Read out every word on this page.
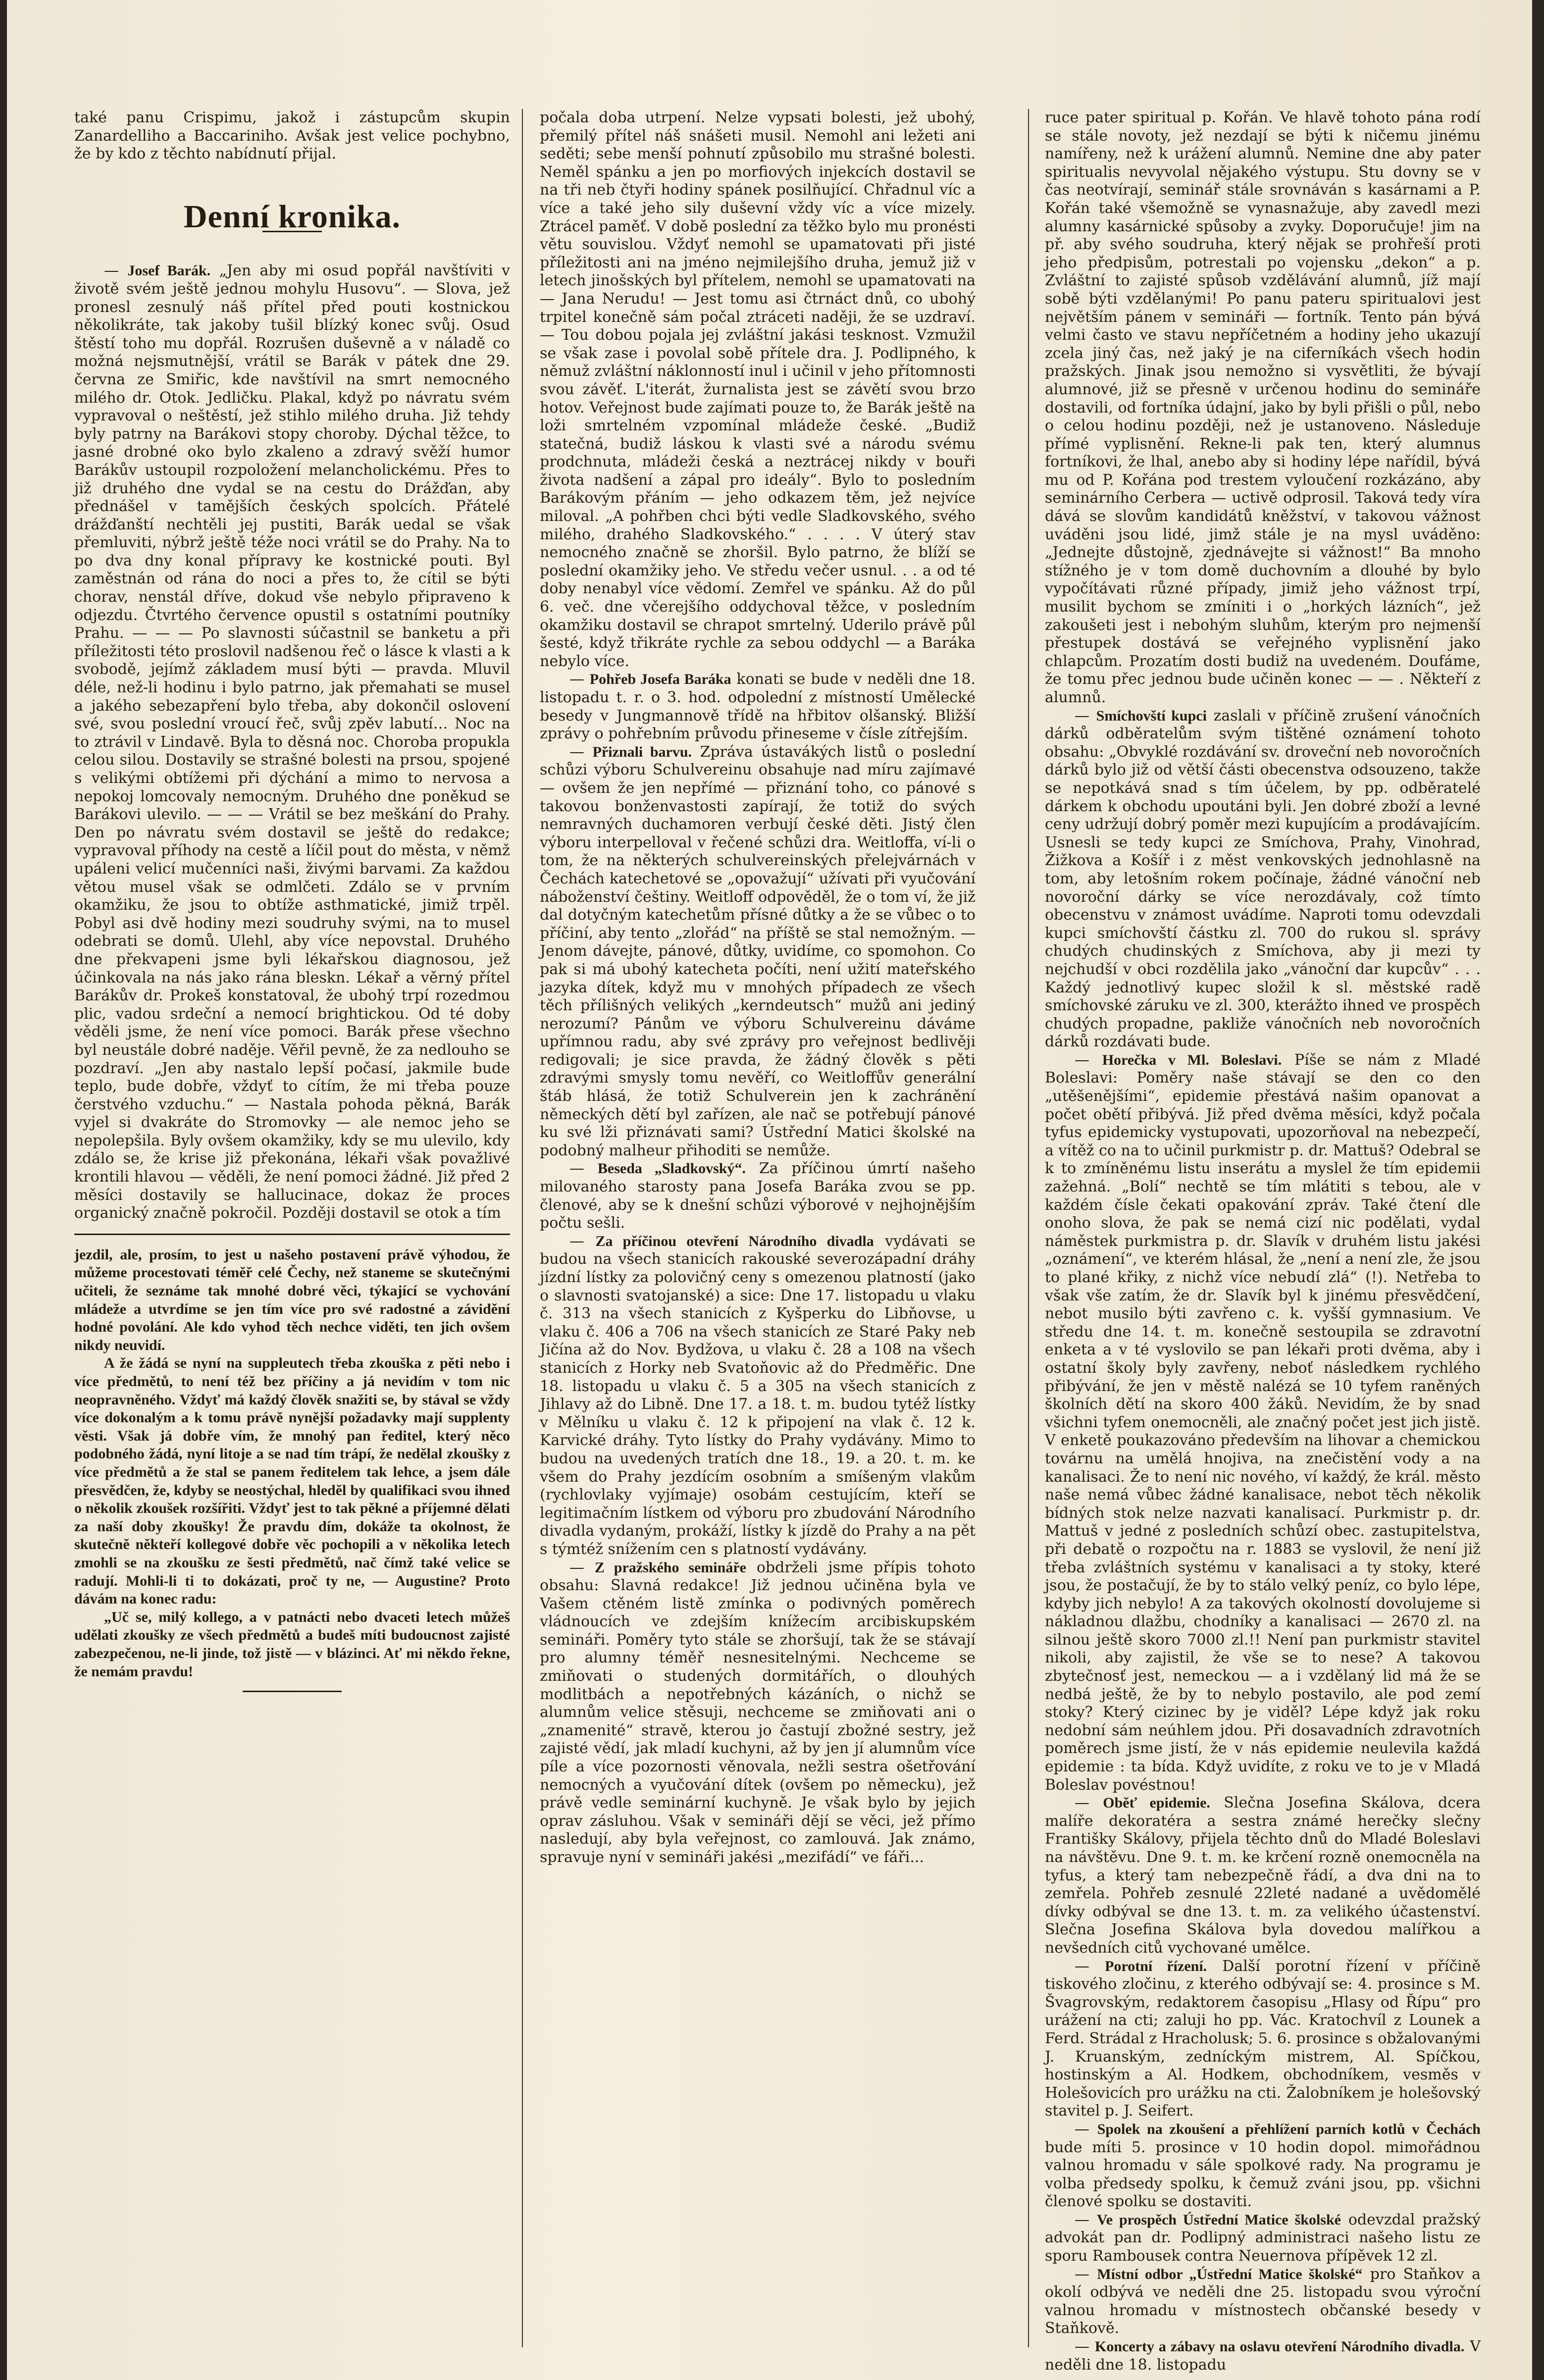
také panu Crispimu, jakož i zástupcům skupin Zanardelliho a Baccariniho. Avšak jest velice pochybno, že by kdo z těchto nabídnutí přijal.

Denní kronika.

— Josef Barák. „Jen aby mi osud popřál navštíviti v životě svém ještě jednou mohylu Husovu“. — Slova, jež pronesl zesnulý náš přítel před pouti kostnickou několikráte, tak jakoby tušil blízký konec svůj. Osud štěstí toho mu dopřál. Rozrušen duševně a v náladě co možná nejsmutnější, vrátil se Barák v pátek dne 29. června ze Smiřic, kde navštívil na smrt nemocného milého dr. Otok. Jedličku. Plakal, když po návratu svém vypravoval o neštěstí, jež stihlo milého druha. Již tehdy byly patrny na Barákovi stopy choroby. Dýchal těžce, to jasné drobné oko bylo zkaleno a zdravý svěží humor Barákův ustoupil rozpoložení melancholickému. Přes to již druhého dne vydal se na cestu do Drážďan, aby přednášel v tamějších českých spolcích. Přátelé drážďanští nechtěli jej pustiti, Barák uedal se však přemluviti, nýbrž ještě téže noci vrátil se do Prahy. Na to po dva dny konal přípravy ke kostnické pouti. Byl zaměstnán od rána do noci a přes to, že cítil se býti chorav, nenstál dříve, dokud vše nebylo připraveno k odjezdu. Čtvrtého července opustil s ostatními poutníky Prahu. — — — Po slavnosti súčastnil se banketu a při příležitosti této proslovil nadšenou řeč o lásce k vlasti a k svobodě, jejímž základem musí býti — pravda. Mluvil déle, než-li hodinu i bylo patrno, jak přemahati se musel a jakého sebezapření bylo třeba, aby dokončil oslovení své, svou poslední vroucí řeč, svůj zpěv labutí… Noc na to ztrávil v Lindavě. Byla to děsná noc. Choroba propukla celou silou. Dostavily se strašné bolesti na prsou, spojené s velikými obtížemi při dýchání a mimo to nervosa a nepokoj lomcovaly nemocným. Druhého dne poněkud se Barákovi ulevilo. — — — Vrátil se bez meškání do Prahy. Den po návratu svém dostavil se ještě do redakce; vypravoval příhody na cestě a líčil pout do města, v němž upáleni velicí mučenníci naši, živými barvami. Za každou větou musel však se odmlčeti. Zdálo se v prvním okamžiku, že jsou to obtíže asthmatické, jimiž trpěl. Pobyl asi dvě hodiny mezi soudruhy svými, na to musel odebrati se domů. Ulehl, aby více nepovstal. Druhého dne překvapeni jsme byli lékařskou diagnosou, jež účinkovala na nás jako rána bleskn. Lékař a věrný přítel Barákův dr. Prokeš konstatoval, že ubohý trpí rozedmou plic, vadou srdeční a nemocí brightickou. Od té doby věděli jsme, že není více pomoci. Barák přese všechno byl neustále dobré naděje. Věřil pevně, že za nedlouho se pozdraví. „Jen aby nastalo lepší počasí, jakmile bude teplo, bude dobře, vždyť to cítím, že mi třeba pouze čerstvého vzduchu.“ — Nastala pohoda pěkná, Barák vyjel si dvakráte do Stromovky — ale nemoc jeho se nepolepšila. Byly ovšem okamžiky, kdy se mu ulevilo, kdy zdálo se, že krise již překonána, lékaři však považlivé krontili hlavou — věděli, že není pomoci žádné. Již před 2 měsíci dostavily se hallucinace, dokaz že proces organický značně pokročil. Později dostavil se otok a tím

jezdil, ale, prosím, to jest u našeho postavení právě výhodou, že můžeme procestovati téměř celé Čechy, než staneme se skutečnými učiteli, že seznáme tak mnohé dobré věci, týkající se vychování mládeže a utvrdíme se jen tím více pro své radostné a závidění hodné povolání. Ale kdo vyhod těch nechce viděti, ten jich ovšem nikdy neuvidí.

A že žádá se nyní na suppleutech třeba zkouška z pěti nebo i více předmětů, to není též bez příčiny a já nevidím v tom nic neopravněného. Vždyť má každý člověk snažiti se, by stával se vždy více dokonalým a k tomu právě nynější požadavky mají supplenty věsti. Však já dobře vím, že mnohý pan ředitel, který něco podobného žádá, nyní litoje a se nad tím trápí, že nedělal zkoušky z více předmětů a že stal se panem ředitelem tak lehce, a jsem dále přesvědčen, že, kdyby se neostýchal, hleděl by qualifikaci svou ihned o několik zkoušek rozšířiti. Vždyť jest to tak pěkné a příjemné dělati za naší doby zkoušky! Že pravdu dím, dokáže ta okolnost, že skutečně někteří kollegové dobře věc pochopili a v několika letech zmohli se na zkoušku ze šesti předmětů, nač čímž také velice se radují. Mohli-li ti to dokázati, proč ty ne, — Augustine? Proto dávám na konec radu:

„Uč se, milý kollego, a v patnácti nebo dvaceti letech můžeš udělati zkoušky ze všech předmětů a budeš míti budoucnost zajisté zabezpečenou, ne-li jinde, tož jistě — v blázinci. Ať mi někdo řekne, že nemám pravdu!

počala doba utrpení. Nelze vypsati bolesti, jež ubohý, přemilý přítel náš snášeti musil. Nemohl ani ležeti ani seděti; sebe menší pohnutí způsobilo mu strašné bolesti. Neměl spánku a jen po morfiových injekcích dostavil se na tři neb čtyři hodiny spánek posilňující. Chřadnul víc a více a také jeho sily duševní vždy víc a více mizely. Ztrácel paměť. V době poslední za těžko bylo mu pronésti větu souvislou. Vždyť nemohl se upamatovati při jisté příležitosti ani na jméno nejmilejšího druha, jemuž již v letech jinošských byl přítelem, nemohl se upamatovati na — Jana Nerudu! — Jest tomu asi čtrnáct dnů, co ubohý trpitel konečně sám počal ztráceti naději, že se uzdraví. — Tou dobou pojala jej zvláštní jakási tesknost. Vzmužil se však zase i povolal sobě přítele dra. J. Podlipného, k němuž zvláštní náklonností inul i učinil v jeho přítomnosti svou závěť. L'iterát, žurnalista jest se závětí svou brzo hotov. Veřejnost bude zajímati pouze to, že Barák ještě na loži smrtelném vzpomínal mládeže české. „Budiž statečná, budiž láskou k vlasti své a národu svému prodchnuta, mládeži česká a neztrácej nikdy v bouři života nadšení a zápal pro ideály“. Bylo to posledním Barákovým přáním — jeho odkazem těm, jež nejvíce miloval. „A pohřben chci býti vedle Sladkovského, svého milého, drahého Sladkovského.“ . . . . V úterý stav nemocného značně se zhoršil. Bylo patrno, že blíží se poslední okamžiky jeho. Ve středu večer usnul. . . a od té doby nenabyl více vědomí. Zemřel ve spánku. Až do půl 6. več. dne včerejšího oddychoval těžce, v posledním okamžiku dostavil se chrapot smrtelný. Uderilo právě půl šesté, když třikráte rychle za sebou oddychl — a Baráka nebylo více.

— Pohřeb Josefa Baráka konati se bude v neděli dne 18. listopadu t. r. o 3. hod. odpolední z místností Umělecké besedy v Jungmannově třídě na hřbitov olšanský. Bližší zprávy o pohřebním průvodu přineseme v čísle zítřejším.

— Přiznali barvu. Zpráva ústavákých listů o poslední schůzi výboru Schulvereinu obsahuje nad míru zajímavé — ovšem že jen nepřímé — přiznání toho, co pánové s takovou bonženvastosti zapírají, že totiž do svých nemravných duchamoren verbují české děti. Jistý člen výboru interpelloval v řečené schůzi dra. Weitloffa, ví-li o tom, že na některých schulvereinských přelejvárnách v Čechách katechetové se „opovažují“ užívati při vyučování náboženství češtiny. Weitloff odpověděl, že o tom ví, že již dal dotyčným katechetům přísné důtky a že se vůbec o to příčiní, aby tento „zlořád“ na příště se stal nemožným. — Jenom dávejte, pánové, důtky, uvidíme, co spomohon. Co pak si má ubohý katecheta počíti, není užití mateřského jazyka dítek, když mu v mnohých případech ze všech těch přílišných velikých „kerndeutsch“ mužů ani jediný nerozumí? Pánům ve výboru Schulvereinu dáváme upřímnou radu, aby své zprávy pro veřejnost bedlivěji redigovali; je sice pravda, že žádný člověk s pěti zdravými smysly tomu nevěří, co Weitloffův generální štáb hlásá, že totiž Schulverein jen k zachránění německých dětí byl zařízen, ale nač se potřebují pánové ku své lži přiznávati sami? Ústřední Matici školské na podobný malheur přihoditi se nemůže.

— Beseda „Sladkovský“. Za příčinou úmrtí našeho milovaného starosty pana Josefa Baráka zvou se pp. členové, aby se k dnešní schůzi výborové v nejhojnějším počtu sešli.

— Za příčinou otevření Národního divadla vydávati se budou na všech stanicích rakouské severozápadní dráhy jízdní lístky za polovičný ceny s omezenou platností (jako o slavnosti svatojanské) a sice: Dne 17. listopadu u vlaku č. 313 na všech stanicích z Kyšperku do Libňovse, u vlaku č. 406 a 706 na všech stanicích ze Staré Paky neb Jičína až do Nov. Bydžova, u vlaku č. 28 a 108 na všech stanicích z Horky neb Svatoňovic až do Předměřic. Dne 18. listopadu u vlaku č. 5 a 305 na všech stanicích z Jihlavy až do Libně. Dne 17. a 18. t. m. budou tytéž lístky v Mělníku u vlaku č. 12 k připojení na vlak č. 12 k. Karvické dráhy. Tyto lístky do Prahy vydávány. Mimo to budou na uvedených tratích dne 18., 19. a 20. t. m. ke všem do Prahy jezdícím osobním a smíšeným vlakům (rychlovlaky vyjímaje) osobám cestujícím, kteří se legitimačním lístkem od výboru pro zbudování Národního divadla vydaným, prokáží, lístky k jízdě do Prahy a na pět s týmtéž snížením cen s platností vydávány.

— Z pražského semináře obdrželi jsme přípis tohoto obsahu: Slavná redakce! Již jednou učiněna byla ve Vašem ctěném listě zmínka o podivných poměrech vládnoucích ve zdejším knížecím arcibiskupském semináři. Poměry tyto stále se zhoršují, tak že se stávají pro alumny téměř nesnesitelnými. Nechceme se zmiňovati o studených dormitářích, o dlouhých modlitbách a nepotřebných kázáních, o nichž se alumnům velice stěsuji, nechceme se zmiňovati ani o „znamenité“ stravě, kterou jo častují zbožné sestry, jež zajisté vědí, jak mladí kuchyni, až by jen jí alumnům více píle a více pozornosti věnovala, nežli sestra ošetřování nemocných a vyučování dítek (ovšem po německu), jež právě vedle seminární kuchyně. Je však bylo by jejich oprav zásluhou. Však v semináři dějí se věci, jež přímo nasledují, aby byla veřejnost, co zamlouvá. Jak známo, spravuje nyní v semináři jakési „mezifádí“ ve fáři...

ruce pater spiritual p. Kořán. Ve hlavě tohoto pána rodí se stále novoty, jež nezdají se býti k ničemu jinému namířeny, než k urážení alumnů. Nemine dne aby pater spiritualis nevyvolal nějakého výstupu. Stu dovny se v čas neotvírají, seminář stále srovnáván s kasárnami a P. Kořán také všemožně se vynasnažuje, aby zavedl mezi alumny kasárnické spůsoby a zvyky. Doporučuje! jim na př. aby svého soudruha, který nějak se prohřeší proti jeho předpisům, potrestali po vojensku „dekon“ a p. Zvláštní to zajisté spůsob vzdělávání alumnů, jíž mají sobě býti vzdělanými! Po panu pateru spiritualovi jest největším pánem v semináři — fortník. Tento pán bývá velmi často ve stavu nepříčetném a hodiny jeho ukazují zcela jiný čas, než jaký je na ciferníkách všech hodin pražských. Jinak jsou nemožno si vysvětliti, že bývají alumnové, již se přesně v určenou hodinu do semináře dostavili, od fortníka údajní, jako by byli přišli o půl, nebo o celou hodinu později, než je ustanoveno. Následuje přímé vyplisnění. Rekne-li pak ten, který alumnus fortníkovi, že lhal, anebo aby si hodiny lépe nařídil, bývá mu od P. Kořána pod trestem vyloučení rozkázáno, aby seminárního Cerbera — uctivě odprosil. Taková tedy víra dává se slovům kandidátů kněžství, v takovou vážnost uváděni jsou lidé, jimž stále je na mysl uváděno: „Jednejte důstojně, zjednávejte si vážnost!“ Ba mnoho stížného je v tom domě duchovním a dlouhé by bylo vypočítávati různé případy, jimiž jeho vážnost trpí, musilit bychom se zmíniti i o „horkých lázních“, jež zakoušeti jest i nebohým sluhům, kterým pro nejmenší přestupek dostává se veřejného vyplisnění jako chlapcům. Prozatím dosti budiž na uvedeném. Doufáme, že tomu přec jednou bude učiněn konec — — . Někteří z alumnů.

— Smíchovští kupci zaslali v příčině zrušení vánočních dárků odběratelům svým tištěné oznámení tohoto obsahu: „Obvyklé rozdávání sv. droveční neb novoročních dárků bylo již od větší části obecenstva odsouzeno, takže se nepotkává snad s tím účelem, by pp. odběratelé dárkem k obchodu upoutáni byli. Jen dobré zboží a levné ceny udržují dobrý poměr mezi kupujícím a prodávajícím. Usnesli se tedy kupci ze Smíchova, Prahy, Vinohrad, Žižkova a Košíř i z měst venkovských jednohlasně na tom, aby letošním rokem počínaje, žádné vánoční neb novoroční dárky se více nerozdávaly, což tímto obecenstvu v známost uvádíme. Naproti tomu odevzdali kupci smíchovští částku zl. 700 do rukou sl. správy chudých chudinských z Smíchova, aby ji mezi ty nejchudší v obci rozdělila jako „vánoční dar kupcův“ . . . Každý jednotlivý kupec složil k sl. městské radě smíchovské záruku ve zl. 300, kterážto ihned ve prospěch chudých propadne, pakliže vánočních neb novoročních dárků rozdávati bude.

— Horečka v Ml. Boleslavi. Píše se nám z Mladé Boleslavi: Poměry naše stávají se den co den „utěšenějšími“, epidemie přestává našim opanovat a počet obětí přibývá. Již před dvěma měsíci, když počala tyfus epidemicky vystupovati, upozorňoval na nebezpečí, a vítěž co na to učinil purkmistr p. dr. Mattuš? Odebral se k to zmíněnému listu inserátu a myslel že tím epidemii zažehná. „Bolí“ nechtě se tím mlátiti s tebou, ale v každém čísle čekati opakování zpráv. Také čtení dle onoho slova, že pak se nemá cizí nic podělati, vydal náměstek purkmistra p. dr. Slavík v druhém listu jakési „oznámení“, ve kterém hlásal, že „není a není zle, že jsou to plané křiky, z nichž více nebudí zlá“ (!). Netřeba to však vše zatím, že dr. Slavík byl k jinému přesvědčení, nebot musilo býti zavřeno c. k. vyšší gymnasium. Ve středu dne 14. t. m. konečně sestoupila se zdravotní enketa a v té vyslovilo se pan lékaři proti dvěma, aby i ostatní školy byly zavřeny, neboť následkem rychlého přibývání, že jen v městě nalézá se 10 tyfem raněných školních dětí na skoro 400 žáků. Nevidím, že by snad všichni tyfem onemocněli, ale značný počet jest jich jistě. V enketě poukazováno především na lihovar a chemickou továrnu na umělá hnojiva, na znečistění vody a na kanalisaci. Že to není nic nového, ví každý, že král. město naše nemá vůbec žádné kanalisace, nebot těch několik bídných stok nelze nazvati kanalisací. Purkmistr p. dr. Mattuš v jedné z posledních schůzí obec. zastupitelstva, při debatě o rozpočtu na r. 1883 se vyslovil, že není již třeba zvláštních systému v kanalisaci a ty stoky, které jsou, že postačují, že by to stálo velký peníz, co bylo lépe, kdyby jich nebylo! A za takových okolností dovolujeme si nákladnou dlažbu, chodníky a kanalisaci — 2670 zl. na silnou ještě skoro 7000 zl.!! Není pan purkmistr stavitel nikoli, aby zajistil, že vše se to nese? A takovou zbytečnosť jest, nemeckou — a i vzdělaný lid má že se nedbá ještě, že by to nebylo postavilo, ale pod zemí stoky? Který cizinec by je viděl? Lépe když jak roku nedobní sám neúhlem jdou. Při dosavadních zdravotních poměrech jsme jistí, že v nás epidemie neulevila každá epidemie : ta bída. Když uvidíte, z roku ve to je v Mladá Boleslav povéstnou!

— Oběť epidemie. Slečna Josefina Skálova, dcera malíře dekoratéra a sestra známé herečky slečny Františky Skálovy, přijela těchto dnů do Mladé Boleslavi na návštěvu. Dne 9. t. m. ke krčení rozně onemocněla na tyfus, a který tam nebezpečně řádí, a dva dni na to zemřela. Pohřeb zesnulé 22leté nadané a uvědomělé dívky odbýval se dne 13. t. m. za velikého účastenství. Slečna Josefina Skálova byla dovedou malířkou a nevšedních citů vychované umělce.

— Porotní řízení. Další porotní řízení v příčině tiskového zločinu, z kterého odbývají se: 4. prosince s M. Švagrovským, redaktorem časopisu „Hlasy od Řípu“ pro urážení na cti; zaluji ho pp. Vác. Kratochvíl z Lounek a Ferd. Strádal z Hracholusk; 5. 6. prosince s obžalovanými J. Kruanským, zedníckým mistrem, Al. Spíčkou, hostinským a Al. Hodkem, obchodníkem, vesměs v Holešovicích pro urážku na cti. Žalobníkem je holešovský stavitel p. J. Seifert.

— Spolek na zkoušení a přehlížení parních kotlů v Čechách bude míti 5. prosince v 10 hodin dopol. mimořádnou valnou hromadu v sále spolkové rady. Na programu je volba předsedy spolku, k čemuž zváni jsou, pp. všichni členové spolku se dostaviti.

— Ve prospěch Ústřední Matice školské odevzdal pražský advokát pan dr. Podlipný administraci našeho listu ze sporu Rambousek contra Neuernova přípěvek 12 zl.

— Místní odbor „Ústřední Matice školské“ pro Staňkov a okolí odbývá ve neděli dne 25. listopadu svou výroční valnou hromadu v místnostech občanské besedy v Staňkově.

— Koncerty a zábavy na oslavu otevření Národního divadla. V neděli dne 18. listopadu
